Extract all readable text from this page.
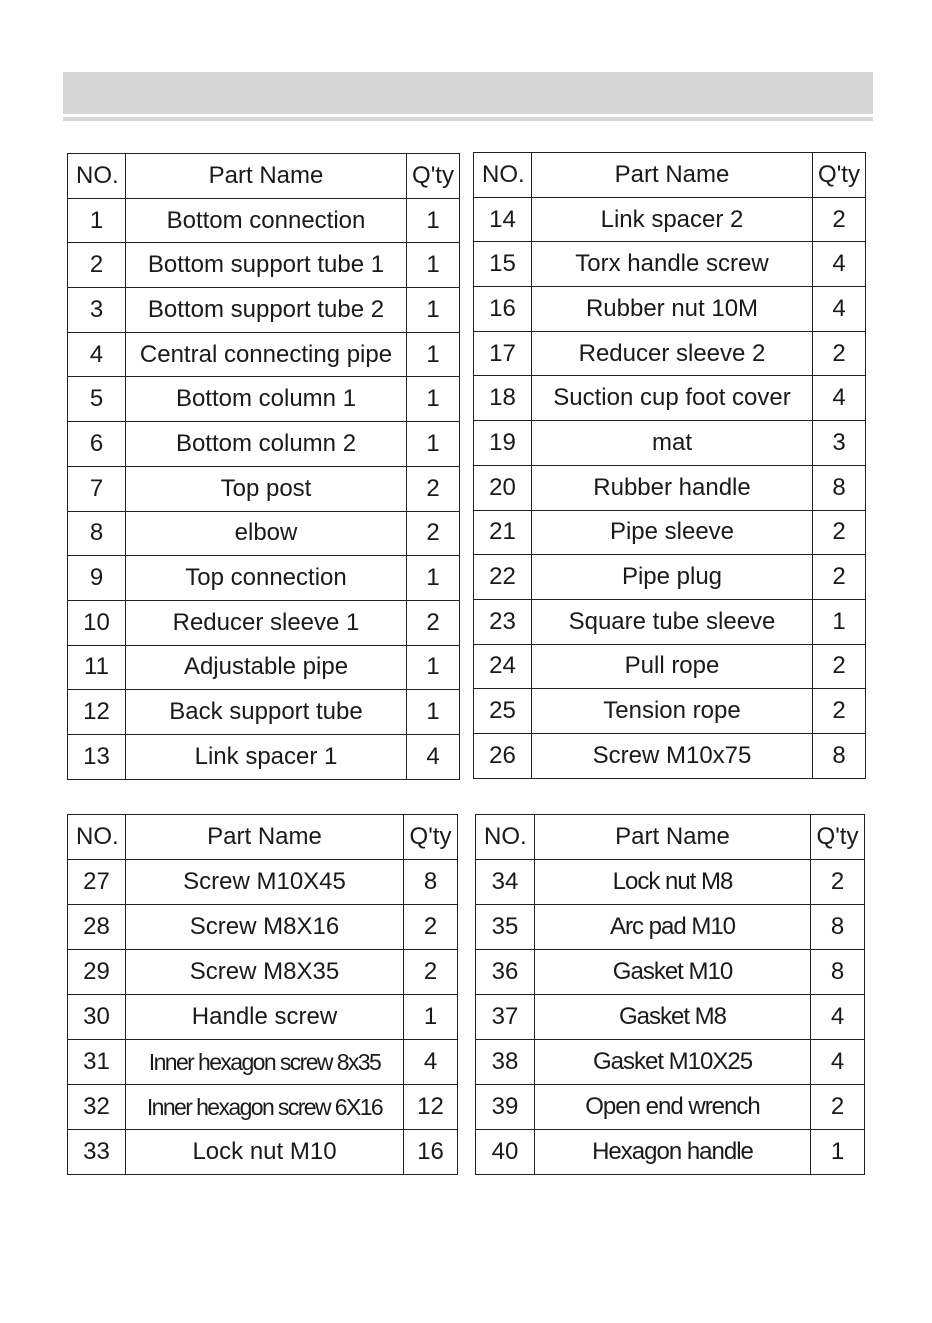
NO.	Part Name	Q'ty
1	Bottom connection	1
2	Bottom support tube 1	1
3	Bottom support tube 2	1
4	Central connecting pipe	1
5	Bottom column 1	1
6	Bottom column 2	1
7	Top post	2
8	elbow	2
9	Top connection	1
10	Reducer sleeve 1	2
11	Adjustable pipe	1
12	Back support tube	1
13	Link spacer 1	4
NO.	Part Name	Q'ty
14	Link spacer 2	2
15	Torx handle screw	4
16	Rubber nut 10M	4
17	Reducer sleeve 2	2
18	Suction cup foot cover	4
19	mat	3
20	Rubber handle	8
21	Pipe sleeve	2
22	Pipe plug	2
23	Square tube sleeve	1
24	Pull rope	2
25	Tension rope	2
26	Screw M10x75	8
NO.	Part Name	Q'ty
27	Screw M10X45	8
28	Screw M8X16	2
29	Screw M8X35	2
30	Handle screw	1
31	Inner hexagon screw 8x35	4
32	Inner hexagon screw 6X16	12
33	Lock nut M10	16
NO.	Part Name	Q'ty
34	Lock nut M8	2
35	Arc pad M10	8
36	Gasket M10	8
37	Gasket M8	4
38	Gasket M10X25	4
39	Open end wrench	2
40	Hexagon handle	1
